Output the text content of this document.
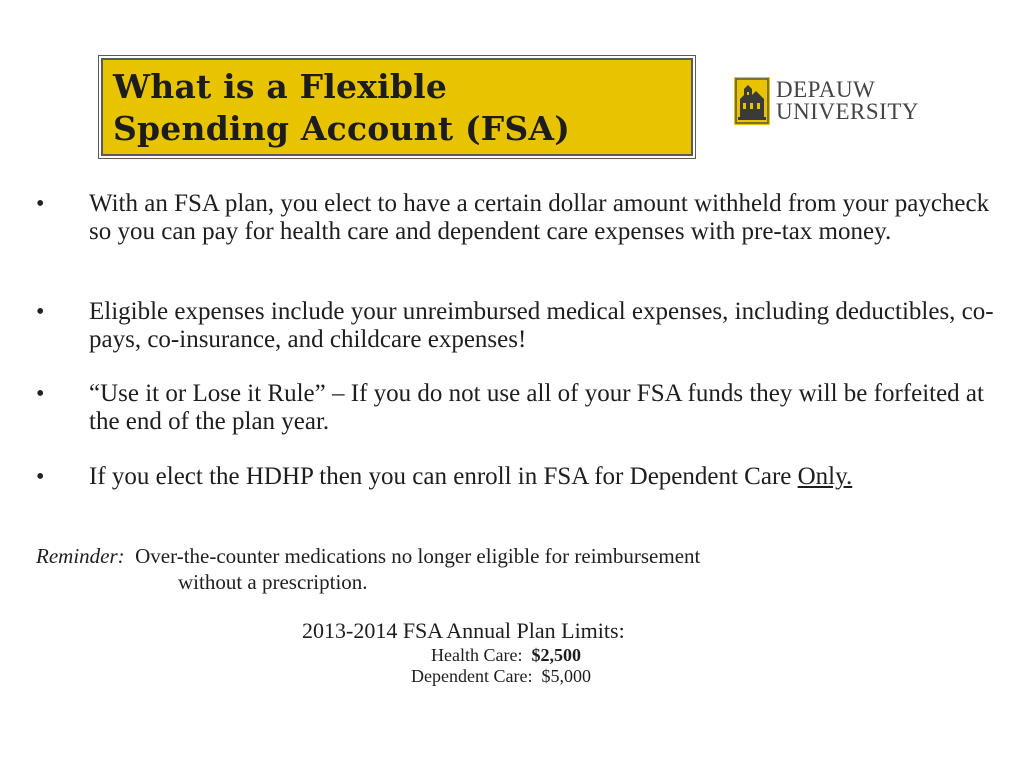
What is a Flexible
Spending Account (FSA)
DEPAUW
UNIVERSITY
• With an FSA plan, you elect to have a certain dollar amount withheld from your paycheck so you can pay for health care and dependent care expenses with pre-tax money.

• Eligible expenses include your unreimbursed medical expenses, including deductibles, co-pays, co-insurance, and childcare expenses!

• “Use it or Lose it Rule” – If you do not use all of your FSA funds they will be forfeited at the end of the plan year.

• If you elect the HDHP then you can enroll in FSA for Dependent Care Only.

Reminder: Over-the-counter medications no longer eligible for reimbursement
without a prescription.
2013-2014 FSA Annual Plan Limits:
Health Care: $2,500
Dependent Care: $5,000
